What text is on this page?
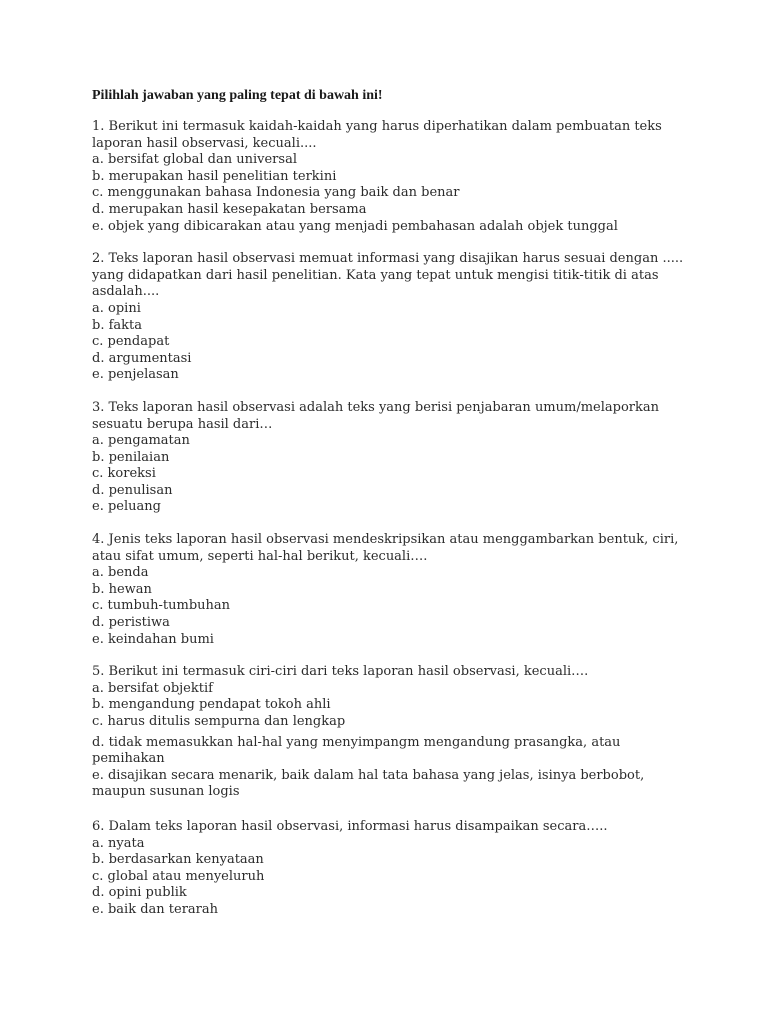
Pilihlah jawaban yang paling tepat di bawah ini!

1. Berikut ini termasuk kaidah-kaidah yang harus diperhatikan dalam pembuatan teks laporan hasil observasi, kecuali....

a. bersifat global dan universal

b. merupakan hasil penelitian terkini

c. menggunakan bahasa Indonesia yang baik dan benar

d. merupakan hasil kesepakatan bersama

e. objek yang dibicarakan atau yang menjadi pembahasan adalah objek tunggal

2. Teks laporan hasil observasi memuat informasi yang disajikan harus sesuai dengan ..... yang didapatkan dari hasil penelitian. Kata yang tepat untuk mengisi titik-titik di atas asdalah....

a. opini

b. fakta

c. pendapat

d. argumentasi

e. penjelasan

3. Teks laporan hasil observasi adalah teks yang berisi penjabaran umum/melaporkan sesuatu berupa hasil dari…

a. pengamatan

b. penilaian

c. koreksi

d. penulisan

e. peluang

4. Jenis teks laporan hasil observasi mendeskripsikan atau menggambarkan bentuk, ciri, atau sifat umum, seperti hal-hal berikut, kecuali….

a. benda

b. hewan

c. tumbuh-tumbuhan

d. peristiwa

e. keindahan bumi

5. Berikut ini termasuk ciri-ciri dari teks laporan hasil observasi, kecuali….

a. bersifat objektif

b. mengandung pendapat tokoh ahli

c. harus ditulis sempurna dan lengkap

d. tidak memasukkan hal-hal yang menyimpangm mengandung prasangka, atau pemihakan

e. disajikan secara menarik, baik dalam hal tata bahasa yang jelas, isinya berbobot, maupun susunan logis

6. Dalam teks laporan hasil observasi, informasi harus disampaikan secara…..

a. nyata

b. berdasarkan kenyataan

c. global atau menyeluruh

d. opini publik

e. baik dan terarah
